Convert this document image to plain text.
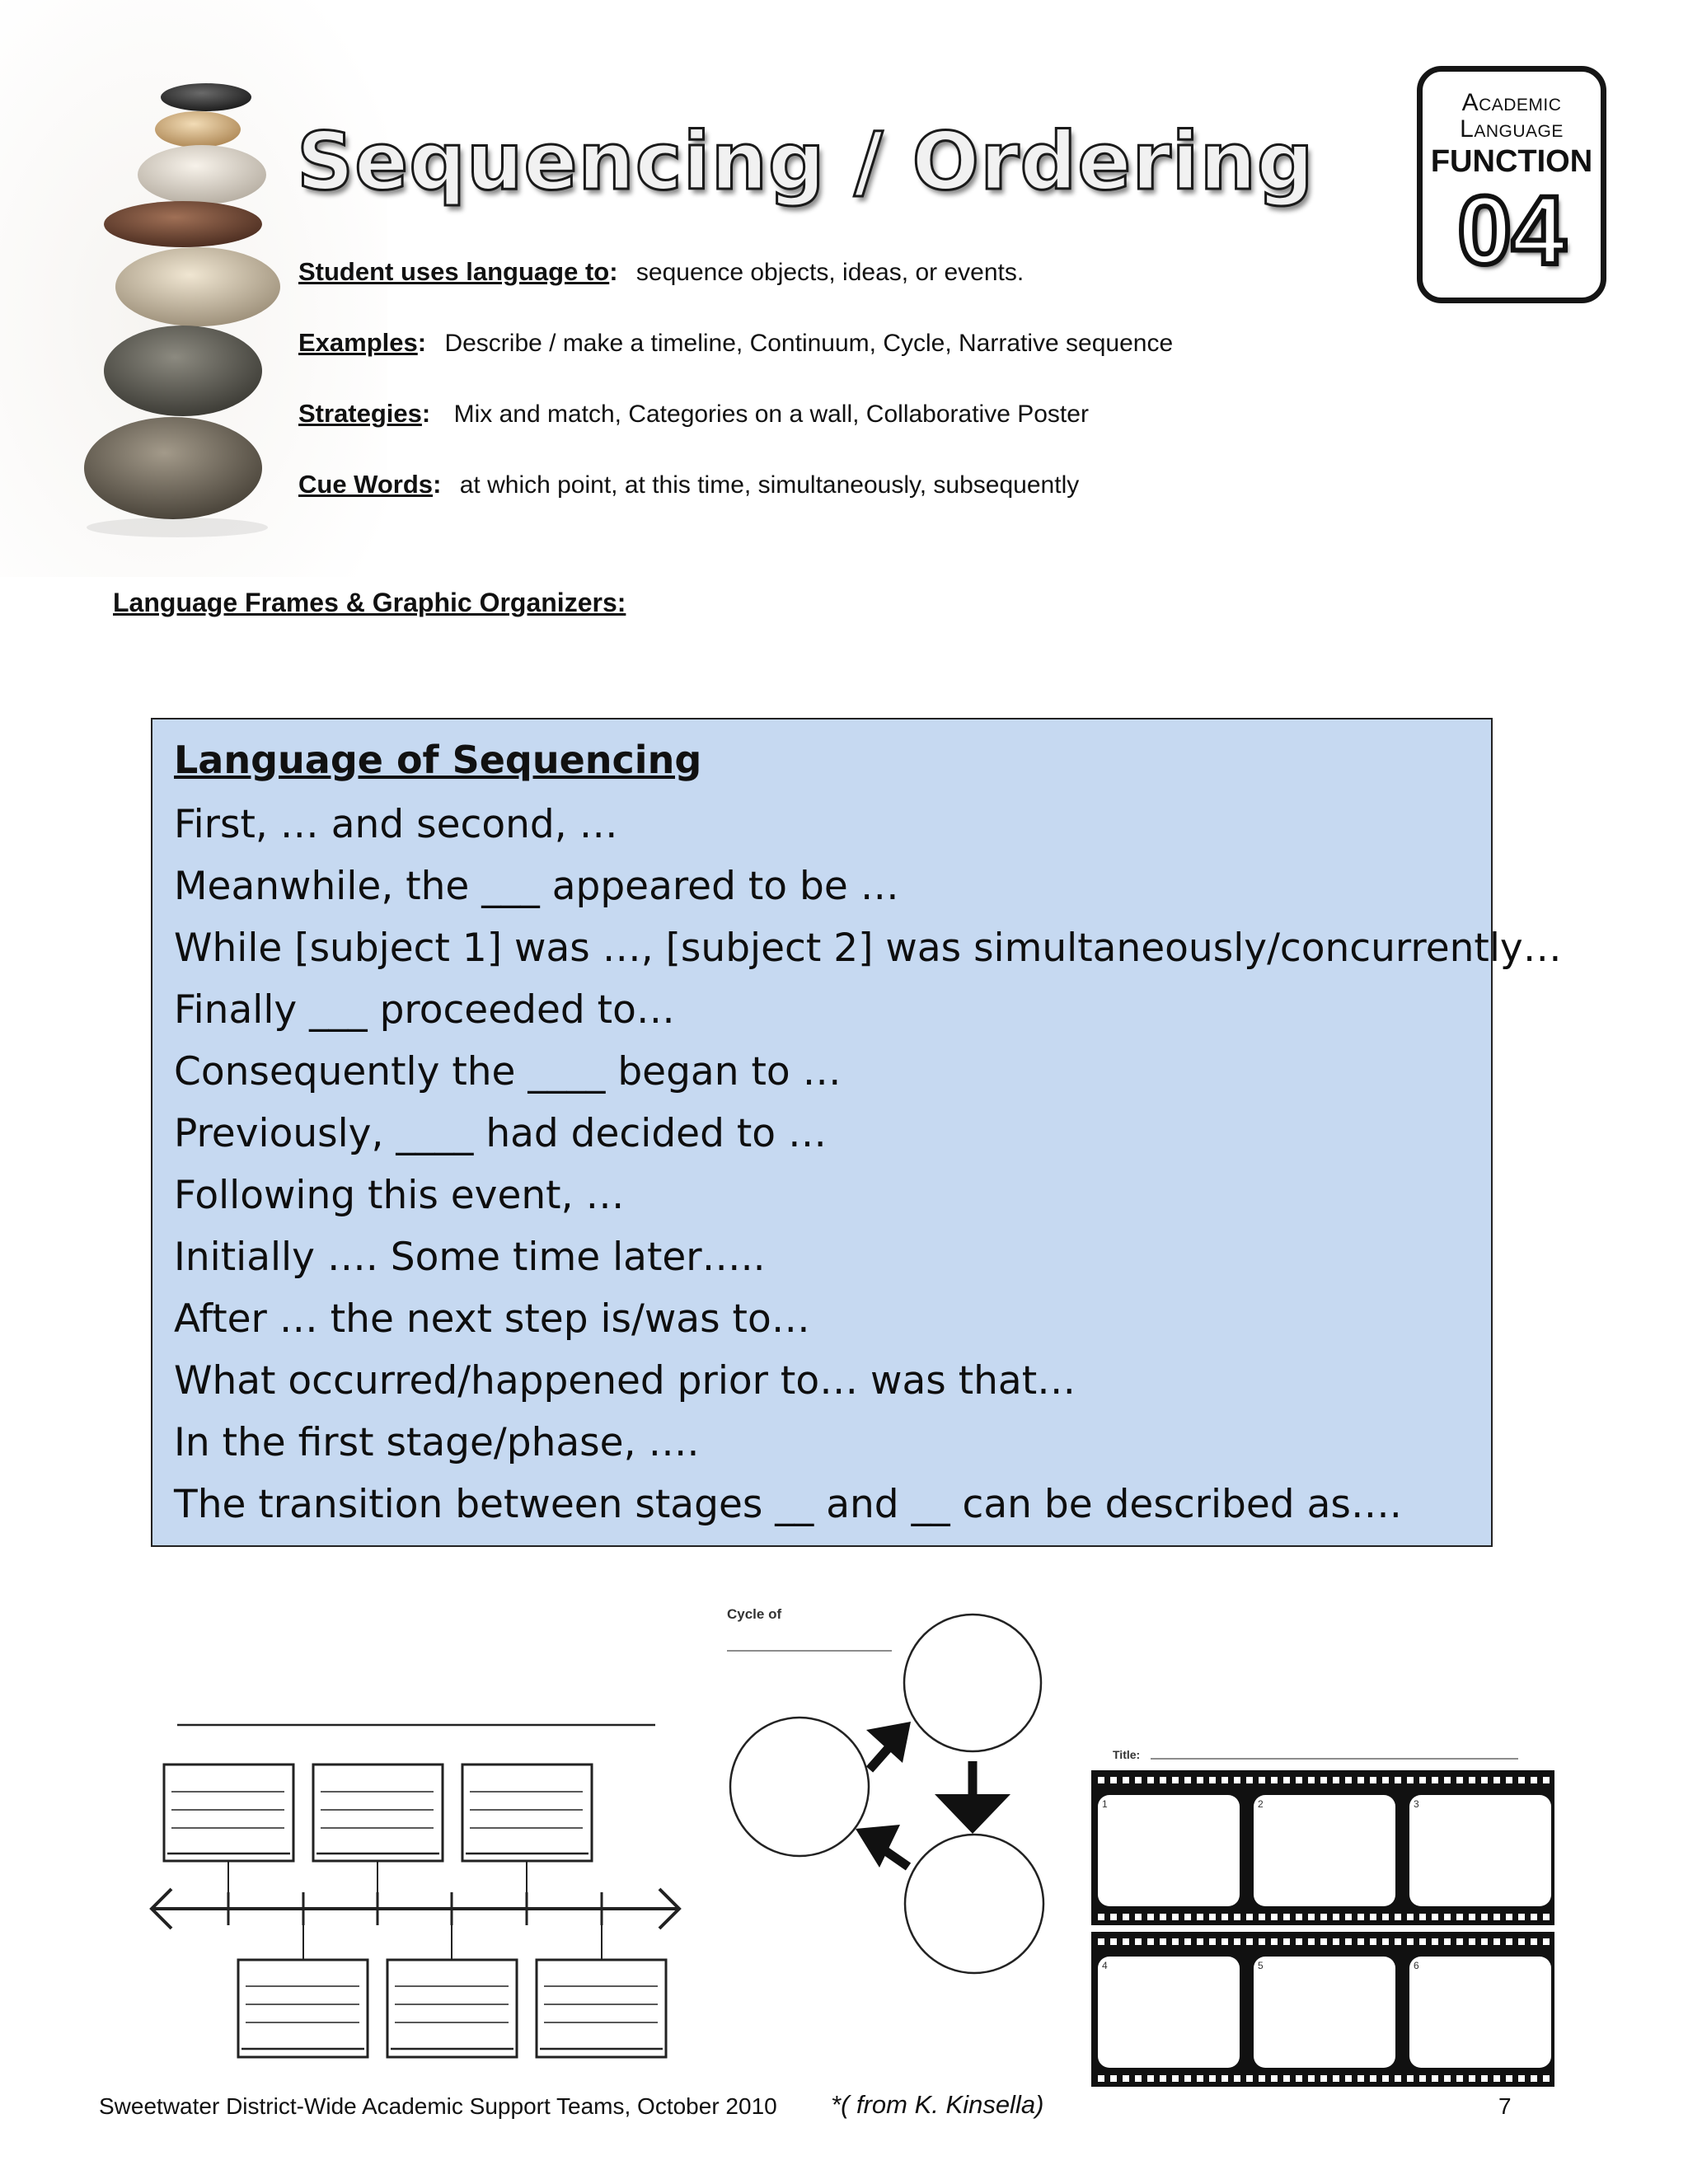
Sequencing / Ordering
Student uses language to: sequence objects, ideas, or events.
Examples: Describe / make a timeline, Continuum, Cycle, Narrative sequence
Strategies: Mix and match, Categories on a wall, Collaborative Poster
Cue Words: at which point, at this time, simultaneously, subsequently
Academic
Language
FUNCTION
04
Language Frames & Graphic Organizers:
Language of Sequencing
First, … and second, …
Meanwhile, the ___ appeared to be …
While [subject 1] was …, [subject 2] was simultaneously/concurrently…
Finally ___ proceeded to…
Consequently the ____ began to …
Previously, ____ had decided to …
Following this event, …
Initially …. Some time later…..
After … the next step is/was to…
What occurred/happened prior to… was that…
In the first stage/phase, ….
The transition between stages __ and __ can be described as….
Cycle of
Title:
1	2	3
4	5	6
Sweetwater District-Wide Academic Support Teams, October 2010 *( from K. Kinsella)	7
